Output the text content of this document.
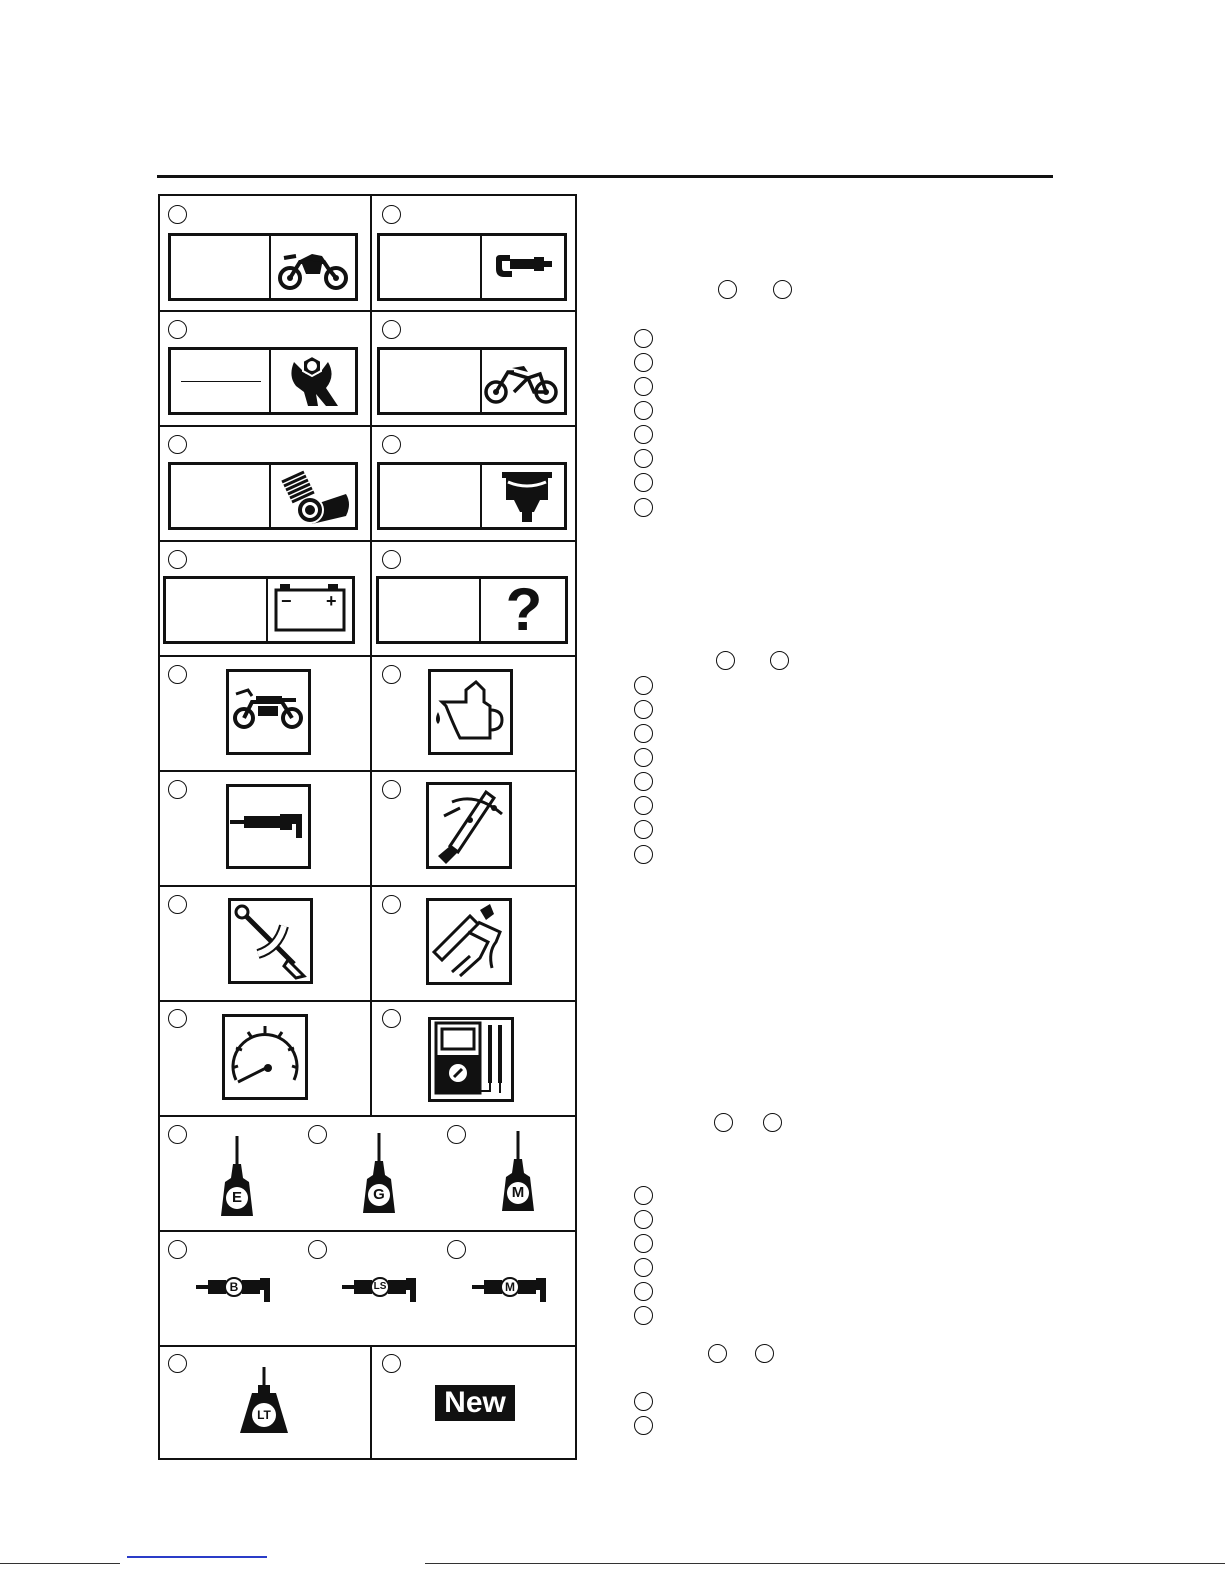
− +	?
E	G	M
B	LS	M
LT	New
